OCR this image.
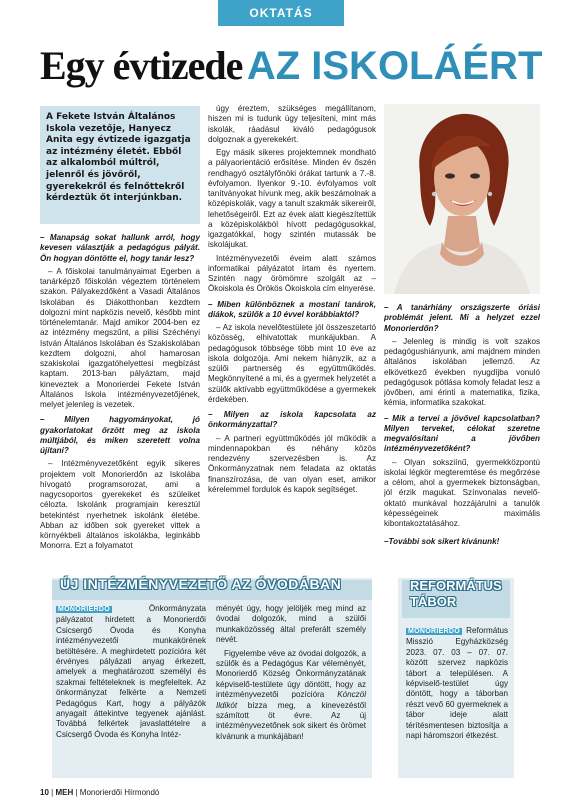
OKTATÁS
Egy évtizede AZ ISKOLÁÉRT
A Fekete István Általános Iskola vezetője, Hanyecz Anita egy évtizede igazgatja az intézmény életét. Ebből az alkalomból múltról, jelenről és jövőről, gyerekekről és felnőttekről kérdeztük őt interjúnkban.

– Manapság sokat hallunk arról, hogy kevesen választják a pedagógus pályát. Ön hogyan döntötte el, hogy tanár lesz?

– A főiskolai tanulmányaimat Egerben a tanárképző főiskolán végeztem történelem szakon. Pályakezdőként a Vasadi Általános Iskolában és Diákotthonban kezdtem dolgozni mint napközis nevelő, később mint történelemtanár. Majd amikor 2004-ben ez az intézmény megszűnt, a pilisi Széchényi István Általános Iskolában és Szakiskolában kezdtem dolgozni, ahol hamarosan szakiskolai igazgatóhelyettesi megbízást kaptam. 2013-ban pályáztam, majd kineveztek a Monorierdei Fekete István Általános Iskola intézményvezetőjének, melyet jelenleg is vezetek.

– Milyen hagyományokat, jó gyakorlatokat őrzött meg az iskola múltjából, és miken szeretett volna újítani?

– Intézményvezetőként egyik sikeres projektem volt Monorierdőn az Iskolába hívogató programsorozat, ami a nagycsoportos gyerekeket és szüleiket célozta. Iskolánk programjain keresztül betekintést nyerhetnek iskolánk életébe. Abban az időben sok gyereket vittek a környékbeli általános iskolákba, leginkább Monorra. Ezt a folyamatot

úgy éreztem, szükséges megállítanom, hiszen mi is tudunk úgy teljesíteni, mint más iskolák, ráadásul kiváló pedagógusok dolgoznak a gyerekekért.

Egy másik sikeres projektemnek mondható a pályaorientáció erősítése. Minden év őszén rendhagyó osztályfőnöki órákat tartunk a 7.-8. évfolyamon. Ilyenkor 9.-10. évfolyamos volt tanítványokat hívunk meg, akik beszámolnak a középiskolák, vagy a tanult szakmák sikereiről, lehetőségeiről. Ezt az évek alatt kiegészítettük a középiskolákból hívott pedagógusokkal, igazgatókkal, hogy szintén mutassák be iskolájukat.

Intézményvezetői éveim alatt számos informatikai pályázatot írtam és nyertem. Szintén nagy örömömre szolgált az – Ökoiskola és Örökös Ökoiskola cím elnyerése.

– Miben különböznek a mostani tanárok, diákok, szülők a 10 évvel korábbiaktól?

– Az iskola nevelőtestülete jól összeszetartó közösség, elhivatottak munkájukban. A pedagógusok többsége több mint 10 éve az iskola dolgozója. Ami nekem hiányzik, az a szülői partnerség és együttműködés. Megkönnyítené a mi, és a gyermek helyzetét a szülők aktívabb együttműködése a gyermekek érdekében.

– Milyen az iskola kapcsolata az önkormányzattal?

– A partneri együttműködés jól működik a mindennapokban és néhány közös rendezvény szervezésben is. Az Önkormányzatnak nem feladata az oktatás finanszírozása, de van olyan eset, amikor kérelemmel fordulok és kapok segítséget.

– A tanárhiány országszerte óriási problémát jelent. Mi a helyzet ezzel Monorierdőn?

– Jelenleg is mindig is volt szakos pedagógushiányunk, ami majdnem minden általános iskolában jellemző. Az elkövetkező években nyugdíjba vonuló pedagógusok pótlása komoly feladat lesz a jövőben, ami érinti a matematika, fizika, kémia, informatika szakokat.

– Mik a tervei a jövővel kapcsolatban? Milyen terveket, célokat szeretne megvalósítani a jövőben intézményvezetőként?

– Olyan soksziínű, gyermekközpontú iskolai légkör megteremtése és megőrzése a célom, ahol a gyermekek biztonságban, jól érzik magukat. Színvonalas nevelő-oktató munkával hozzájárulni a tanulók képességeinek maximális kibontakoztatásához.

–További sok sikert kívánunk!

ÚJ INTÉZMÉNYVEZETŐ AZ ÓVODÁBAN
MONORIERDŐ	Önkormányzata pályázatot hirdetett a Monorierdői Csicsergő Óvoda és Konyha intézményvezetői munkakörének betöltésére. A meghirdetett pozícióra két érvényes pályázati anyag érkezett, amelyek a meghatározott személyi és szakmai feltételeknek is megfeleltek. Az önkormányzat felkérte a Nemzeti Pedagógus Kart, hogy a pályázók anyagait áttekintve tegyenek ajánlást. Továbbá felkértek javaslattételre a Csicsergő Óvoda és Konyha Intéz-
ményét úgy, hogy jelöljék meg mind az óvodai dolgozók, mind a szülői munkaközösség által preferált személy nevét.
Figyelembe véve az óvodai dolgozók, a szülők és a Pedagógus Kar véleményét, Monorierdő Község Önkormányzatának képviselő-testülete úgy döntött, hogy az intézményvezetői pozícióra Kónczöl Ildikót bízza meg, a kinevezéstől számított öt évre. Az új intézményvezetőnek sok sikert és örömet kívánunk a munkájában!
REFORMÁTUS TÁBOR
MONORIERDŐ Református Misszió Egyházközség 2023. 07. 03 – 07. 07. között szervez napközis tábort a településen. A képviselő-testület úgy döntött, hogy a táborban részt vevő 60 gyermeknek a tábor ideje alatt térítésmentesen biztosítja a napi háromszori étkezést.
10 | MEH | Monorierdői Hírmondó
